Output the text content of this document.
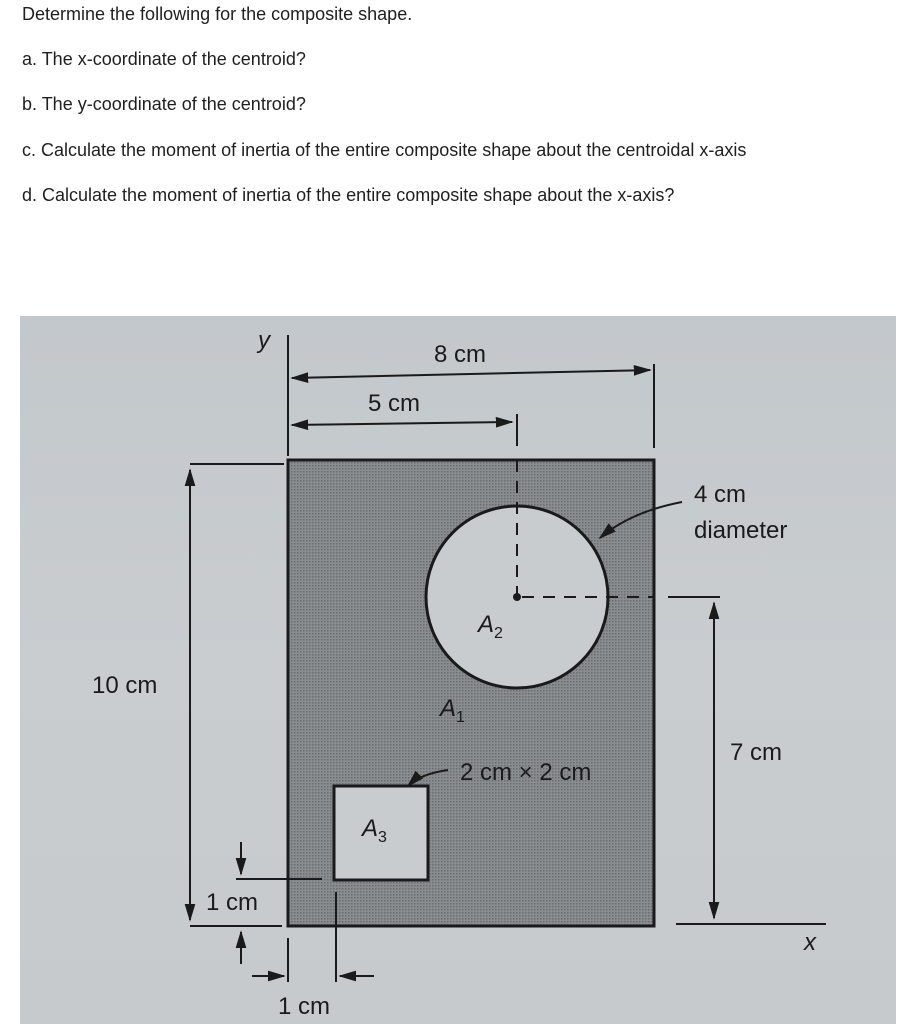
Determine the following for the composite shape.
a. The x-coordinate of the centroid?
b. The y-coordinate of the centroid?
c. Calculate the moment of inertia of the entire composite shape about the centroidal x-axis
d. Calculate the moment of inertia of the entire composite shape about the x-axis?
y
8 cm
5 cm
10 cm
4 cm
diameter
7 cm
2 cm × 2 cm
1 cm
1 cm
x
$A_2$
$A_1$
$A_3$
